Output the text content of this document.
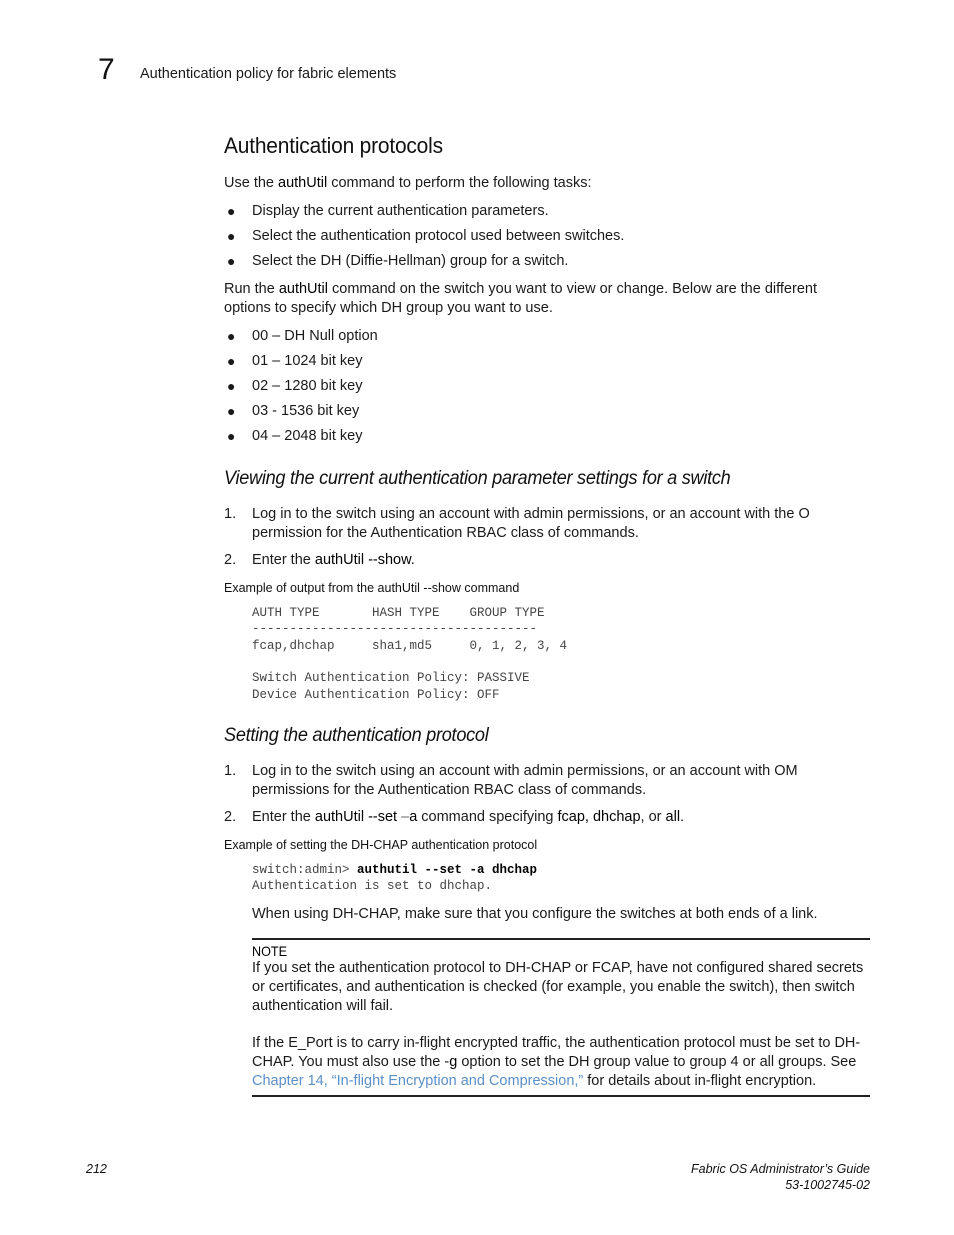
7 Authentication policy for fabric elements
Authentication protocols
Use the authUtil command to perform the following tasks:
● Display the current authentication parameters.
● Select the authentication protocol used between switches.
● Select the DH (Diffie-Hellman) group for a switch.
Run the authUtil command on the switch you want to view or change. Below are the different options to specify which DH group you want to use.
● 00 – DH Null option
● 01 – 1024 bit key
● 02 – 1280 bit key
● 03 - 1536 bit key
● 04 – 2048 bit key
Viewing the current authentication parameter settings for a switch
1. Log in to the switch using an account with admin permissions, or an account with the O permission for the Authentication RBAC class of commands.
2. Enter the authUtil --show.
Example of output from the authUtil --show command
AUTH TYPE       HASH TYPE    GROUP TYPE
--------------------------------------
fcap,dhchap     sha1,md5     0, 1, 2, 3, 4
Switch Authentication Policy: PASSIVE
Device Authentication Policy: OFF
Setting the authentication protocol
1. Log in to the switch using an account with admin permissions, or an account with OM permissions for the Authentication RBAC class of commands.
2. Enter the authUtil --set –a command specifying fcap, dhchap, or all.
Example of setting the DH-CHAP authentication protocol
switch:admin> authutil --set -a dhchap
Authentication is set to dhchap.
When using DH-CHAP, make sure that you configure the switches at both ends of a link.
NOTE
If you set the authentication protocol to DH-CHAP or FCAP, have not configured shared secrets or certificates, and authentication is checked (for example, you enable the switch), then switch authentication will fail.
If the E_Port is to carry in-flight encrypted traffic, the authentication protocol must be set to DH-CHAP. You must also use the -g option to set the DH group value to group 4 or all groups. See Chapter 14, “In-flight Encryption and Compression,” for details about in-flight encryption.
212	Fabric OS Administrator’s Guide
53-1002745-02
